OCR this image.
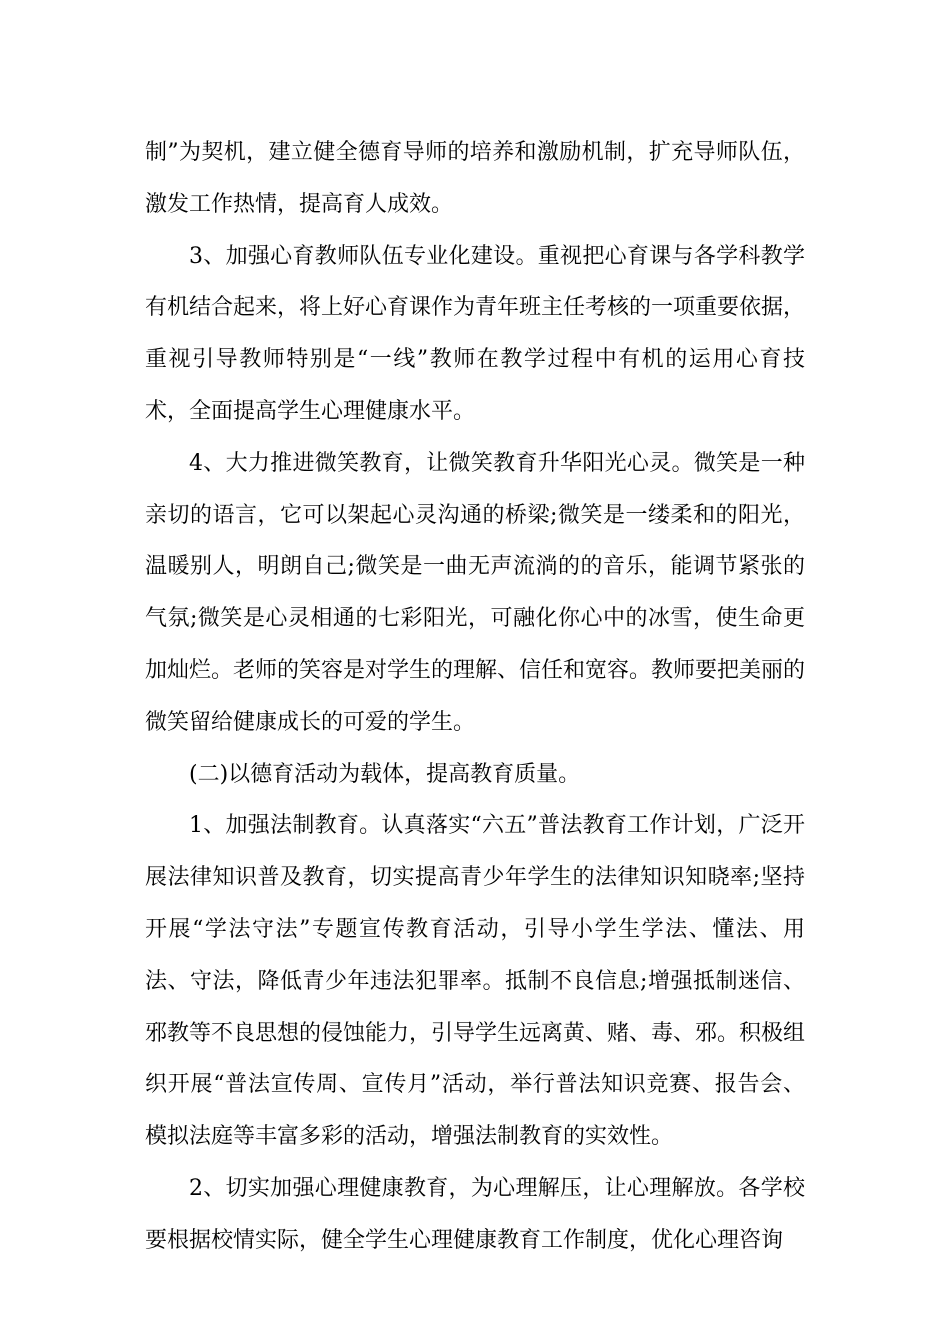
制”为契机，建立健全德育导师的培养和激励机制，扩充导师队伍，激发工作热情，提高育人成效。

3、加强心育教师队伍专业化建设。重视把心育课与各学科教学有机结合起来，将上好心育课作为青年班主任考核的一项重要依据，重视引导教师特别是“一线”教师在教学过程中有机的运用心育技术，全面提高学生心理健康水平。

4、大力推进微笑教育，让微笑教育升华阳光心灵。微笑是一种亲切的语言，它可以架起心灵沟通的桥梁;微笑是一缕柔和的阳光，温暖别人，明朗自己;微笑是一曲无声流淌的的音乐，能调节紧张的气氛;微笑是心灵相通的七彩阳光，可融化你心中的冰雪，使生命更加灿烂。老师的笑容是对学生的理解、信任和宽容。教师要把美丽的微笑留给健康成长的可爱的学生。

(二)以德育活动为载体，提高教育质量。

1、加强法制教育。认真落实“六五”普法教育工作计划，广泛开展法律知识普及教育，切实提高青少年学生的法律知识知晓率;坚持开展“学法守法”专题宣传教育活动，引导小学生学法、懂法、用法、守法，降低青少年违法犯罪率。抵制不良信息;增强抵制迷信、邪教等不良思想的侵蚀能力，引导学生远离黄、赌、毒、邪。积极组织开展“普法宣传周、宣传月”活动，举行普法知识竞赛、报告会、模拟法庭等丰富多彩的活动，增强法制教育的实效性。

2、切实加强心理健康教育，为心理解压，让心理解放。各学校要根据校情实际，健全学生心理健康教育工作制度，优化心理咨询
